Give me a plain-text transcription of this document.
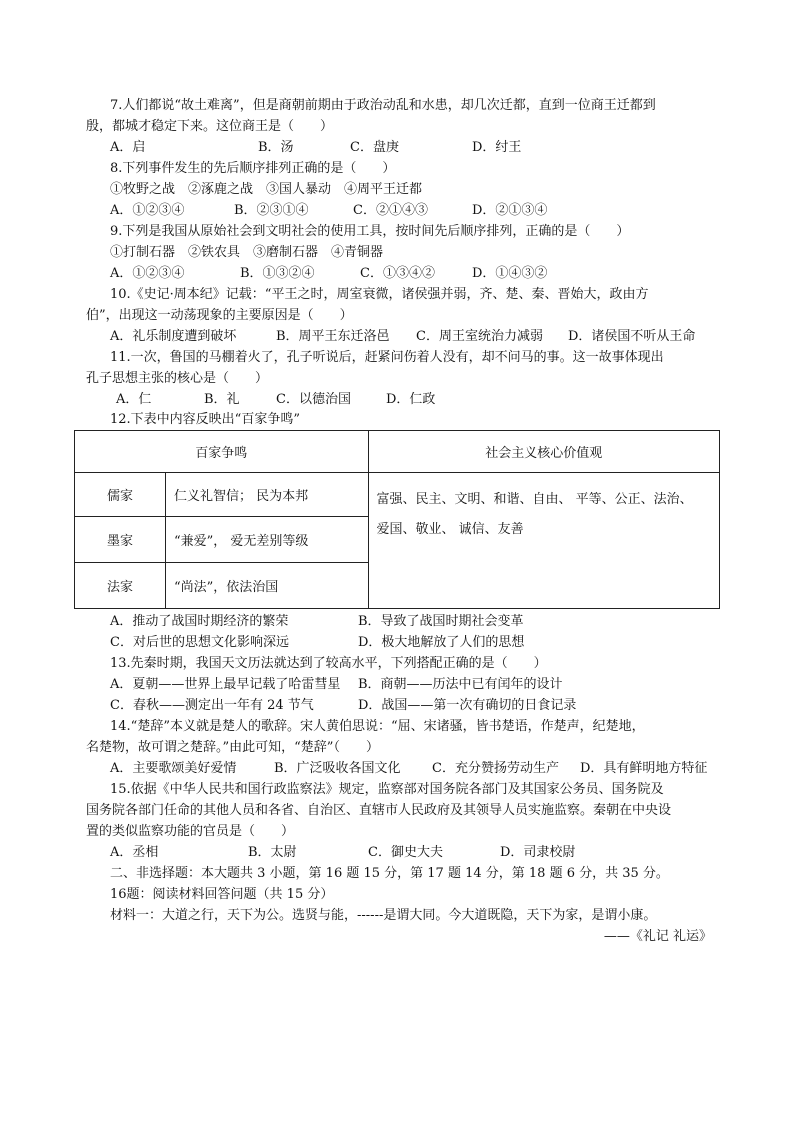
7.人们都说“故土难离”，但是商朝前期由于政治动乱和水患，却几次迁都，直到一位商王迁都到
殷，都城才稳定下来。这位商王是（　　）
A．启	B．汤	C．盘庚	D．纣王
8.下列事件发生的先后顺序排列正确的是（　　）
①牧野之战　②涿鹿之战　③国人暴动　④周平王迁都
A．①②③④	B．②③①④	C．②①④③	D．②①③④
9.下列是我国从原始社会到文明社会的使用工具，按时间先后顺序排列，正确的是（　　）
①打制石器　②铁农具　③磨制石器　④青铜器
A．①②③④	B．①③②④	C．①③④②	D．①④③②
10.《史记·周本纪》记载：“平王之时，周室衰微，诸侯强并弱，齐、楚、秦、晋始大，政由方
伯”，出现这一动荡现象的主要原因是（　　）
A．礼乐制度遭到破坏	B．周平王东迁洛邑 C．周王室统治力减弱 D．诸侯国不听从王命
11.一次，鲁国的马棚着火了，孔子听说后，赶紧问伤着人没有，却不问马的事。这一故事体现出
孔子思想主张的核心是（　　）
A．仁	B．礼	C．以德治国	D．仁政
12.下表中内容反映出“百家争鸣”
百家争鸣		社会主义核心价值观
儒家	仁义礼智信； 民为本邦	富强、民主、文明、和谐、自由、 平等、公正、法治、
爱国、敬业、 诚信、友善

墨家	“兼爱”， 爱无差别等级	
法家	“尚法”，依法治国	
A．推动了战国时期经济的繁荣	B．导致了战国时期社会变革
C．对后世的思想文化影响深远	D．极大地解放了人们的思想
13.先秦时期，我国天文历法就达到了较高水平，下列搭配正确的是（　　）
A．夏朝——世界上最早记载了哈雷彗星 B．商朝——历法中已有闰年的设计
C．春秋——测定出一年有 24 节气	D．战国——第一次有确切的日食记录
14.“楚辞”本义就是楚人的歌辞。宋人黄伯思说：“屈、宋诸骚，皆书楚语，作楚声，纪楚地，
名楚物，故可谓之楚辞。”由此可知，“楚辞”（　　）
A．主要歌颂美好爱情	B．广泛吸收各国文化 C．充分赞扬劳动生产 D．具有鲜明地方特征
15.依据《中华人民共和国行政监察法》规定，监察部对国务院各部门及其国家公务员、国务院及
国务院各部门任命的其他人员和各省、自治区、直辖市人民政府及其领导人员实施监察。秦朝在中央设
置的类似监察功能的官员是（　　）
A．丞相	B．太尉	C．御史大夫	D．司隶校尉
二、非选择题：本大题共 3 小题，第 16 题 15 分，第 17 题 14 分，第 18 题 6 分，共 35 分。
16题：阅读材料回答问题（共 15 分）
材料一：大道之行，天下为公。选贤与能，------是谓大同。今大道既隐，天下为家，是谓小康。
——《礼记 礼运》
